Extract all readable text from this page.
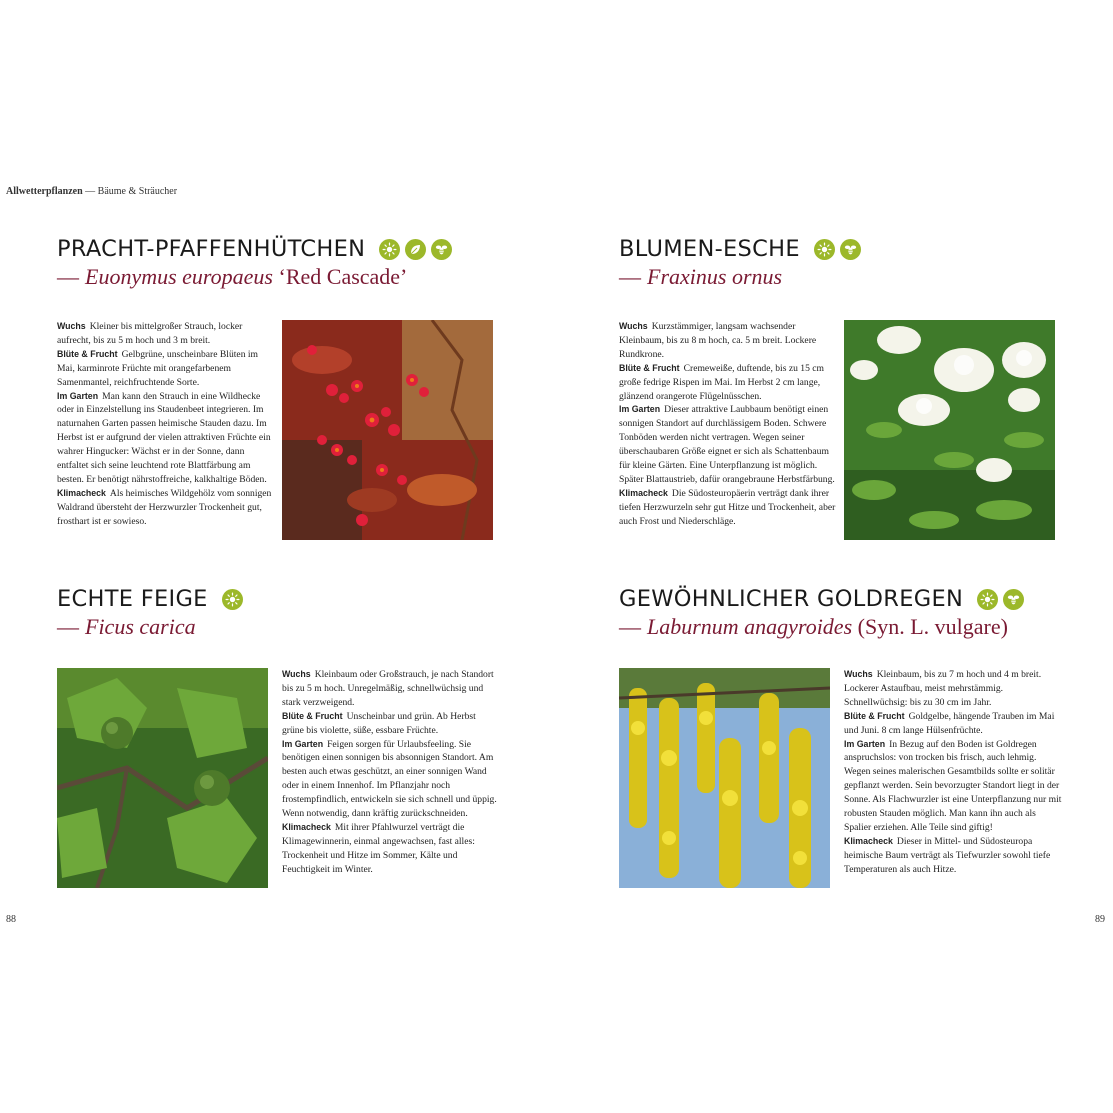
Allwetterpflanzen — Bäume & Sträucher
PRACHT-PFAFFENHÜTCHEN
— Euonymus europaeus ‘Red Cascade’

Wuchs Kleiner bis mittelgroßer Strauch, locker aufrecht, bis zu 5 m hoch und 3 m breit.

Blüte & Frucht Gelbgrüne, unscheinbare Blüten im Mai, karminrote Früchte mit orangefarbenem Samenmantel, reichfruchtende Sorte.

Im Garten Man kann den Strauch in eine Wildhecke oder in Einzelstellung ins Staudenbeet integrieren. Im naturnahen Garten passen heimische Stauden dazu. Im Herbst ist er aufgrund der vielen attraktiven Früchte ein wahrer Hingucker: Wächst er in der Sonne, dann entfaltet sich seine leuchtend rote Blattfärbung am besten. Er benötigt nährstoffreiche, kalkhaltige Böden.

Klimacheck Als heimisches Wildgehölz vom sonnigen Waldrand übersteht der Herzwurzler Trockenheit gut, frosthart ist er sowieso.

BLUMEN-ESCHE
— Fraxinus ornus

Wuchs Kurzstämmiger, langsam wachsender Kleinbaum, bis zu 8 m hoch, ca. 5 m breit. Lockere Rundkrone.

Blüte & Frucht Cremeweiße, duftende, bis zu 15 cm große fedrige Rispen im Mai. Im Herbst 2 cm lange, glänzend orangerote Flügelnüsschen.

Im Garten Dieser attraktive Laubbaum benötigt einen sonnigen Standort auf durchlässigem Boden. Schwere Tonböden werden nicht vertragen. Wegen seiner überschaubaren Größe eignet er sich als Schattenbaum für kleine Gärten. Eine Unterpflanzung ist möglich. Später Blattaustrieb, dafür orangebraune Herbstfärbung.

Klimacheck Die Südosteuropäerin verträgt dank ihrer tiefen Herzwurzeln sehr gut Hitze und Trockenheit, aber auch Frost und Niederschläge.

ECHTE FEIGE
— Ficus carica

Wuchs Kleinbaum oder Großstrauch, je nach Standort bis zu 5 m hoch. Unregelmäßig, schnellwüchsig und stark verzweigend.

Blüte & Frucht Unscheinbar und grün. Ab Herbst grüne bis violette, süße, essbare Früchte.

Im Garten Feigen sorgen für Urlaubsfeeling. Sie benötigen einen sonnigen bis absonnigen Standort. Am besten auch etwas geschützt, an einer sonnigen Wand oder in einem Innenhof. Im Pflanzjahr noch frostempfindlich, entwickeln sie sich schnell und üppig. Wenn notwendig, dann kräftig zurückschneiden.

Klimacheck Mit ihrer Pfahlwurzel verträgt die Klimagewinnerin, einmal angewachsen, fast alles: Trockenheit und Hitze im Sommer, Kälte und Feuchtigkeit im Winter.

GEWÖHNLICHER GOLDREGEN
— Laburnum anagyroides (Syn. L. vulgare)

Wuchs Kleinbaum, bis zu 7 m hoch und 4 m breit. Lockerer Astaufbau, meist mehrstämmig. Schnellwüchsig: bis zu 30 cm im Jahr.

Blüte & Frucht Goldgelbe, hängende Trauben im Mai und Juni. 8 cm lange Hülsenfrüchte.

Im Garten In Bezug auf den Boden ist Goldregen anspruchslos: von trocken bis frisch, auch lehmig. Wegen seines malerischen Gesamtbilds sollte er solitär gepflanzt werden. Sein bevorzugter Standort liegt in der Sonne. Als Flachwurzler ist eine Unterpflanzung nur mit robusten Stauden möglich. Man kann ihn auch als Spalier erziehen. Alle Teile sind giftig!

Klimacheck Dieser in Mittel- und Südosteuropa heimische Baum verträgt als Tiefwurzler sowohl tiefe Temperaturen als auch Hitze.

88	89
